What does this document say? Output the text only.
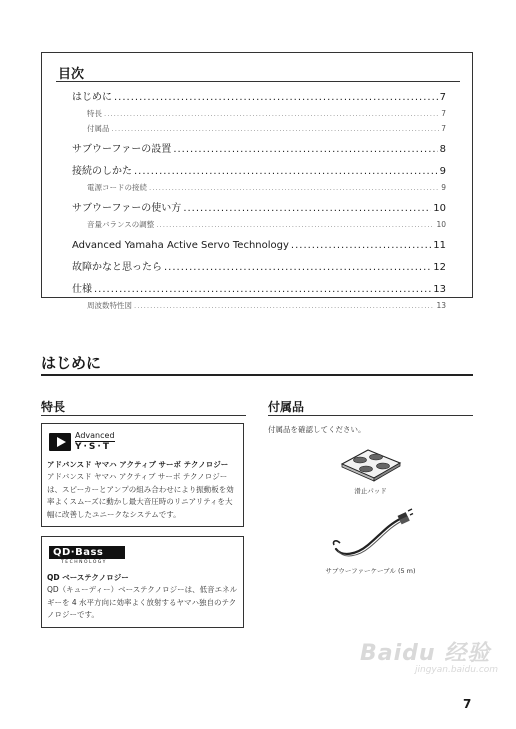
目次
はじめに .....	7
特長 .....	7
付属品 .....	7
サブウーファーの設置 .....	8
接続のしかた .....	9
電源コードの接続 .....	9
サブウーファーの使い方 .....	10
音量バランスの調整 .....	10
Advanced Yamaha Active Servo Technology .....	11
故障かなと思ったら .....	12
仕様 .....	13
周波数特性図 .....	13
はじめに
特長
Advanced
Y·S·T
アドバンスド ヤマハ アクティブ サーボ テクノロジー
アドバンスド ヤマハ アクティブ サーボ テクノロジーは、スピーカーとアンプの組み合わせにより振動板を効率よくスムーズに動かし最大音圧時のリニアリティを大幅に改善したユニークなシステムです。
QD·Bass
TECHNOLOGY
QD ベーステクノロジー
QD（キューディー）ベーステクノロジーは、低音エネルギーを 4 水平方向に効率よく放射するヤマハ独自のテクノロジーです。
付属品
付属品を確認してください。
滑止パッド
サブウーファーケーブル (5 m)
Baidu 经验
jingyan.baidu.com
7
